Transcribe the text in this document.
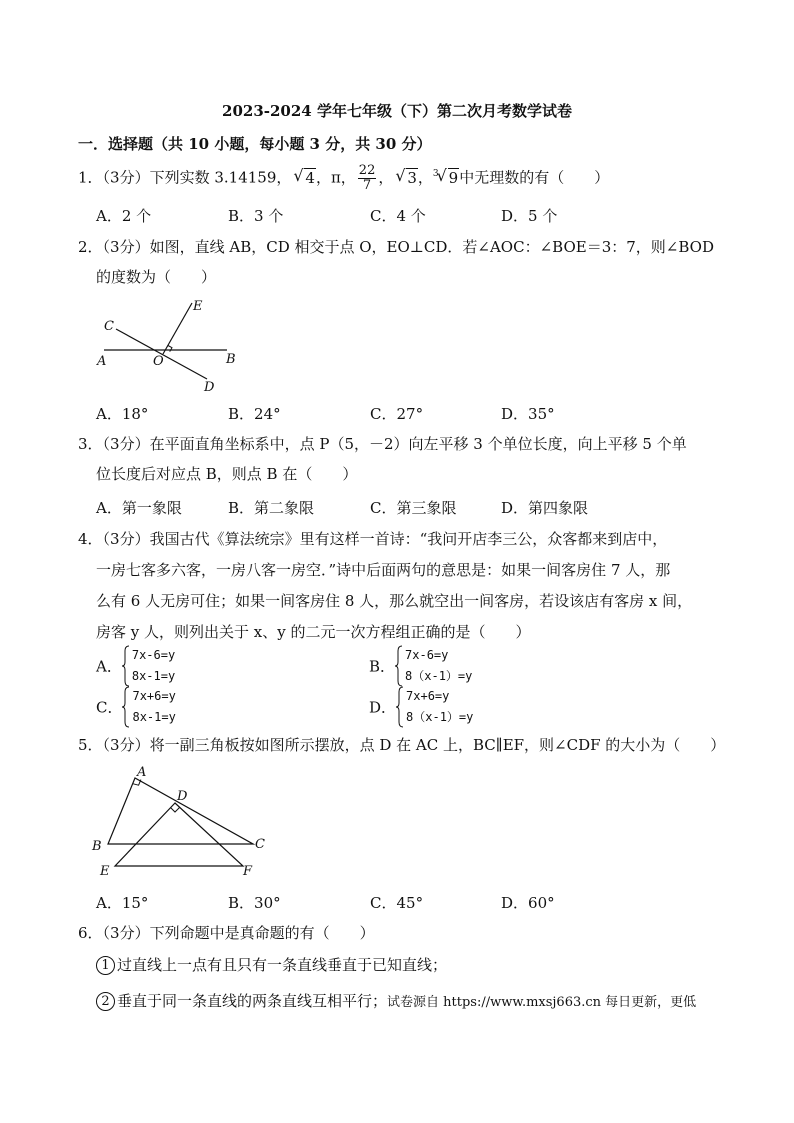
2023-2024 学年七年级（下）第二次月考数学试卷
一．选择题（共 10 小题，每小题 3 分，共 30 分）
1．（3分）下列实数 3.14159， √ 4，π， $\frac{22}{7}$ ， √ 3，$^3$ √ 9中无理数的有（　　）
A．2 个	B．3 个	C．4 个	D．5 个
2．（3分）如图，直线 AB，CD 相交于点 O，EO⊥CD．若∠AOC：∠BOE＝3：7，则∠BOD
的度数为（　　）
E
C
A	O	B
D
A．18°	B．24°	C．27°	D．35°
3．（3分）在平面直角坐标系中，点 P（5，－2）向左平移 3 个单位长度，向上平移 5 个单
位长度后对应点 B，则点 B 在（　　）
A．第一象限	B．第二象限	C．第三象限	D．第四象限
4．（3分）我国古代《算法统宗》里有这样一首诗：“我问开店李三公，众客都来到店中，
一房七客多六客，一房八客一房空．”诗中后面两句的意思是：如果一间客房住 7 人，那
么有 6 人无房可住；如果一间客房住 8 人，那么就空出一间客房，若设该店有客房 x 间，
房客 y 人，则列出关于 x、y 的二元一次方程组正确的是（　　）
A．
7x-6=y
8x-1=y
B．
7x-6=y
8（x-1）=y
C．
7x+6=y
8x-1=y
D．
7x+6=y
8（x-1）=y
5．（3分）将一副三角板按如图所示摆放，点 D 在 AC 上，BC∥EF，则∠CDF 的大小为（　　）
A
D
B	C
E	F
A．15°	B．30°	C．45°	D．60°
6．（3分）下列命题中是真命题的有（　　）
1 过直线上一点有且只有一条直线垂直于已知直线；
2 垂直于同一条直线的两条直线互相平行；试卷源自 https://www.mxsj663.cn 每日更新，更低
